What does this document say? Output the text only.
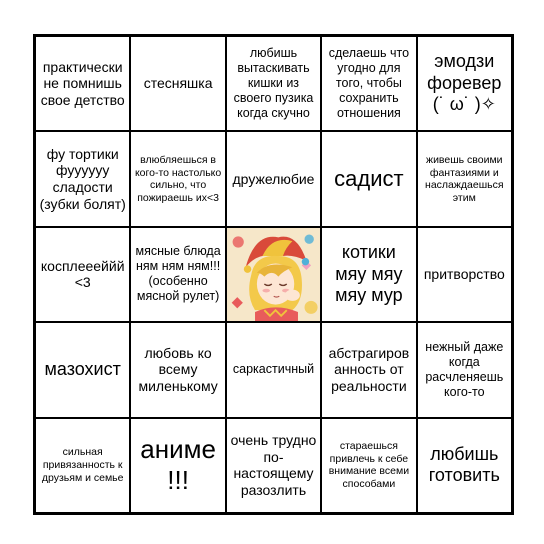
практически не помнишь свое детство
стесняшка
любишь вытаскивать кишки из своего пузика когда скучно
сделаешь что угодно для того, чтобы сохранить отношения
эмодзи форевер (˙ ω˙ )✧
фу тортики фуууууу сладости (зубки болят)
влюбляешься в кого-то настолько сильно, что пожираешь их<3
дружелюбие садист
живешь своими фантазиями и наслаждаешься этим
косплеееййй <3
мясные блюда ням ням ням!!! (особенно мясной рулет)
котики мяу мяу мяу мур
притворство
мазохист
любовь ко всему миленькому
саркастичный
абстрагированность от реальности
нежный даже когда расчленяешь кого-то
сильная привязанность к друзьям и семье
аниме !!!
очень трудно по-настоящему разозлить
стараешься привлечь к себе внимание всеми способами
любишь готовить
